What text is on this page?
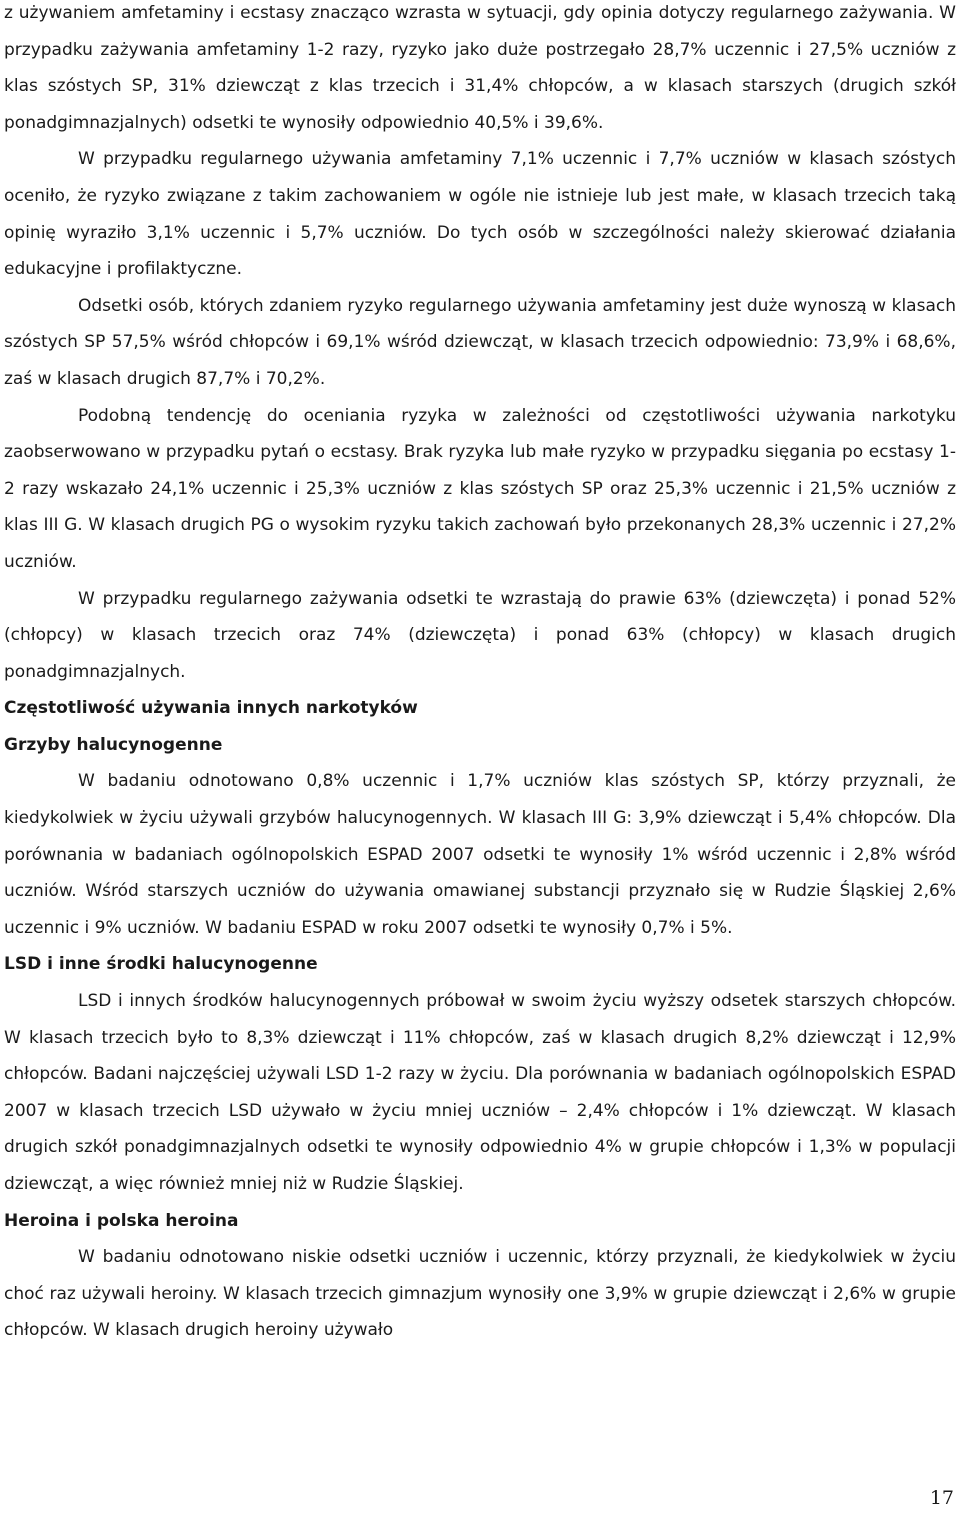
z używaniem amfetaminy i ecstasy znacząco wzrasta w sytuacji, gdy opinia dotyczy regularnego zażywania. W przypadku zażywania amfetaminy 1-2 razy, ryzyko jako duże postrzegało 28,7% uczennic i 27,5% uczniów z klas szóstych SP, 31% dziewcząt z klas trzecich i 31,4% chłopców, a w klasach starszych (drugich szkół ponadgimnazjalnych) odsetki te wynosiły odpowiednio 40,5% i 39,6%.

W przypadku regularnego używania amfetaminy 7,1% uczennic i 7,7% uczniów w klasach szóstych oceniło, że ryzyko związane z takim zachowaniem w ogóle nie istnieje lub jest małe, w klasach trzecich taką opinię wyraziło 3,1% uczennic i 5,7% uczniów. Do tych osób w szczególności należy skierować działania edukacyjne i profilaktyczne.

Odsetki osób, których zdaniem ryzyko regularnego używania amfetaminy jest duże wynoszą w klasach szóstych SP 57,5% wśród chłopców i 69,1% wśród dziewcząt, w klasach trzecich odpowiednio: 73,9% i 68,6%, zaś w klasach drugich 87,7% i 70,2%.

Podobną tendencję do oceniania ryzyka w zależności od częstotliwości używania narkotyku zaobserwowano w przypadku pytań o ecstasy. Brak ryzyka lub małe ryzyko w przypadku sięgania po ecstasy 1-2 razy wskazało 24,1% uczennic i 25,3% uczniów z klas szóstych SP oraz 25,3% uczennic i 21,5% uczniów z klas III G. W klasach drugich PG o wysokim ryzyku takich zachowań było przekonanych 28,3% uczennic i 27,2% uczniów.

W przypadku regularnego zażywania odsetki te wzrastają do prawie 63% (dziewczęta) i ponad 52% (chłopcy) w klasach trzecich oraz 74% (dziewczęta) i ponad 63% (chłopcy) w klasach drugich ponadgimnazjalnych.

Częstotliwość używania innych narkotyków
Grzyby halucynogenne

W badaniu odnotowano 0,8% uczennic i 1,7% uczniów klas szóstych SP, którzy przyznali, że kiedykolwiek w życiu używali grzybów halucynogennych. W klasach III G: 3,9% dziewcząt i 5,4% chłopców. Dla porównania w badaniach ogólnopolskich ESPAD 2007 odsetki te wynosiły 1% wśród uczennic i 2,8% wśród uczniów. Wśród starszych uczniów do używania omawianej substancji przyznało się w Rudzie Śląskiej 2,6% uczennic i 9% uczniów. W badaniu ESPAD w roku 2007 odsetki te wynosiły 0,7% i 5%.

LSD i inne środki halucynogenne

LSD i innych środków halucynogennych próbował w swoim życiu wyższy odsetek starszych chłopców. W klasach trzecich było to 8,3% dziewcząt i 11% chłopców, zaś w klasach drugich 8,2% dziewcząt i 12,9% chłopców. Badani najczęściej używali LSD 1-2 razy w życiu. Dla porównania w badaniach ogólnopolskich ESPAD 2007 w klasach trzecich LSD używało w życiu mniej uczniów – 2,4% chłopców i 1% dziewcząt. W klasach drugich szkół ponadgimnazjalnych odsetki te wynosiły odpowiednio 4% w grupie chłopców i 1,3% w populacji dziewcząt, a więc również mniej niż w Rudzie Śląskiej.

Heroina i polska heroina

W badaniu odnotowano niskie odsetki uczniów i uczennic, którzy przyznali, że kiedykolwiek w życiu choć raz używali heroiny. W klasach trzecich gimnazjum wynosiły one 3,9% w grupie dziewcząt i 2,6% w grupie chłopców. W klasach drugich heroiny używało

17
